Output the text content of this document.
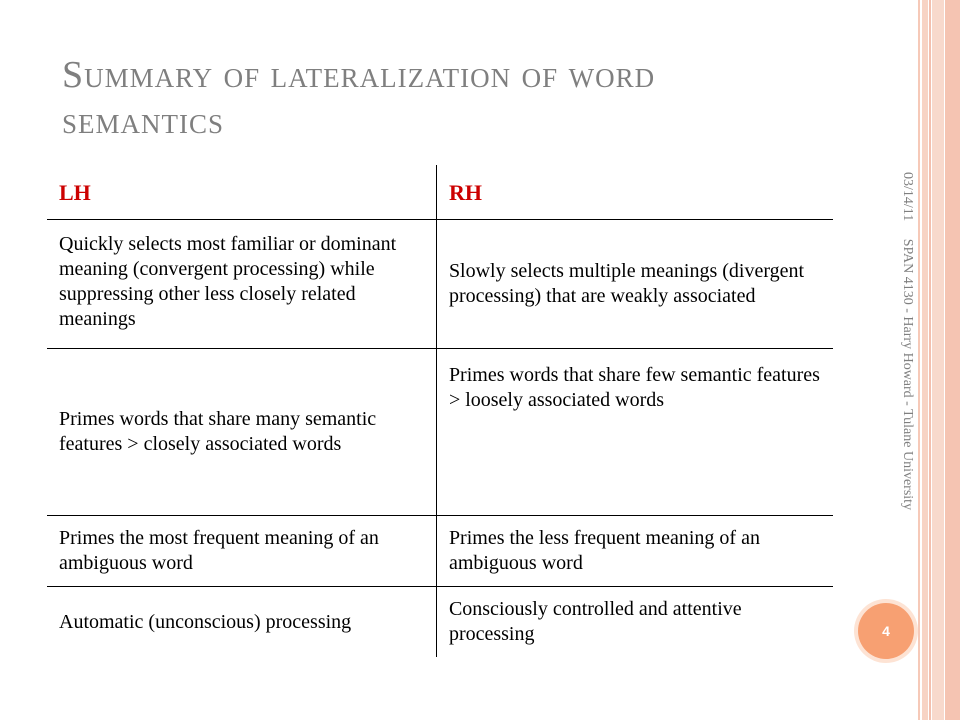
Summary of lateralization of word
semantics
LH	RH
Quickly selects most familiar or dominant meaning (convergent processing) while suppressing other less closely related meanings	Slowly selects multiple meanings (divergent processing) that are weakly associated
Primes words that share many semantic features > closely associated words	Primes words that share few semantic features > loosely associated words
Primes the most frequent meaning of an ambiguous word	Primes the less frequent meaning of an ambiguous word
Automatic (unconscious) processing	Consciously controlled and attentive processing
03/14/11     SPAN 4130 - Harry Howard - Tulane University
4
